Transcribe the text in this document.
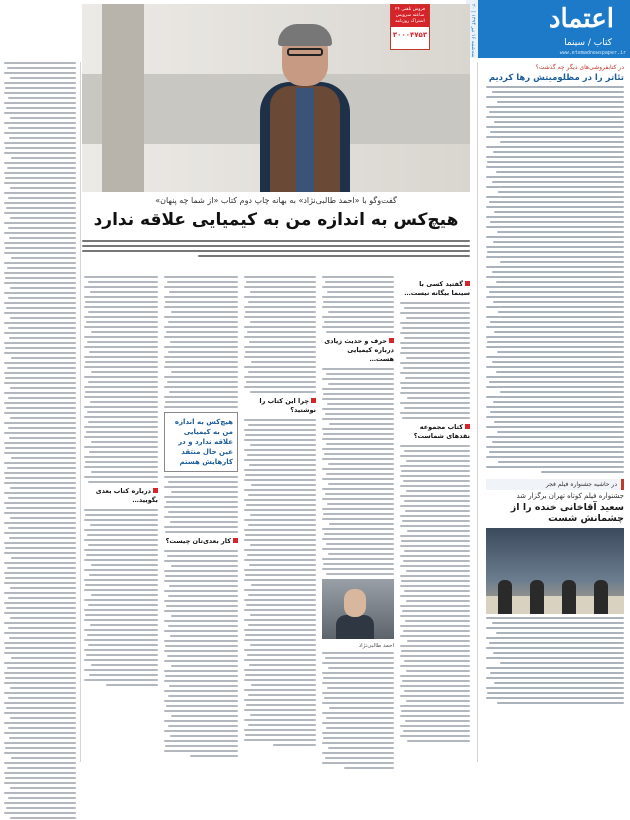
اعتماد
کتاب / سینما
www.etemadnewspaper.ir
سه‌شنبه ۱۶ تیر ۱۳۹۴ | ۲۰
در کتابفروشی‌های دیگر چه گذشت؟
تئاتر را در مظلومیتش رها کردیم
در حاشیه جشنواره فیلم فجر
جشنواره فیلم کوتاه تهران برگزار شد
سعید آقاخانی خنده را از چشمانش شست
فروش تلفنی ۲۴ ساعته سرویس اشتراک روزنامه
۳۰۰۰۴۷۵۳
گفت‌وگو با «احمد طالبی‌نژاد» به بهانه چاپ دوم کتاب «از شما چه پنهان»
هیچ‌کس به اندازه من به کیمیایی علاقه ندارد
گفتید کسی با سینما بیگانه نیست…
کتاب مجموعه نقدهای شماست؟
حرف و حدیث زیادی درباره کیمیایی هست…
احمد طالبی‌نژاد
چرا این کتاب را نوشتید؟
هیچ‌کس به اندازه من به کیمیایی علاقه ندارد و در عین حال منتقد کارهایش هستم
کار بعدی‌تان چیست؟
درباره کتاب بعدی بگویید…
